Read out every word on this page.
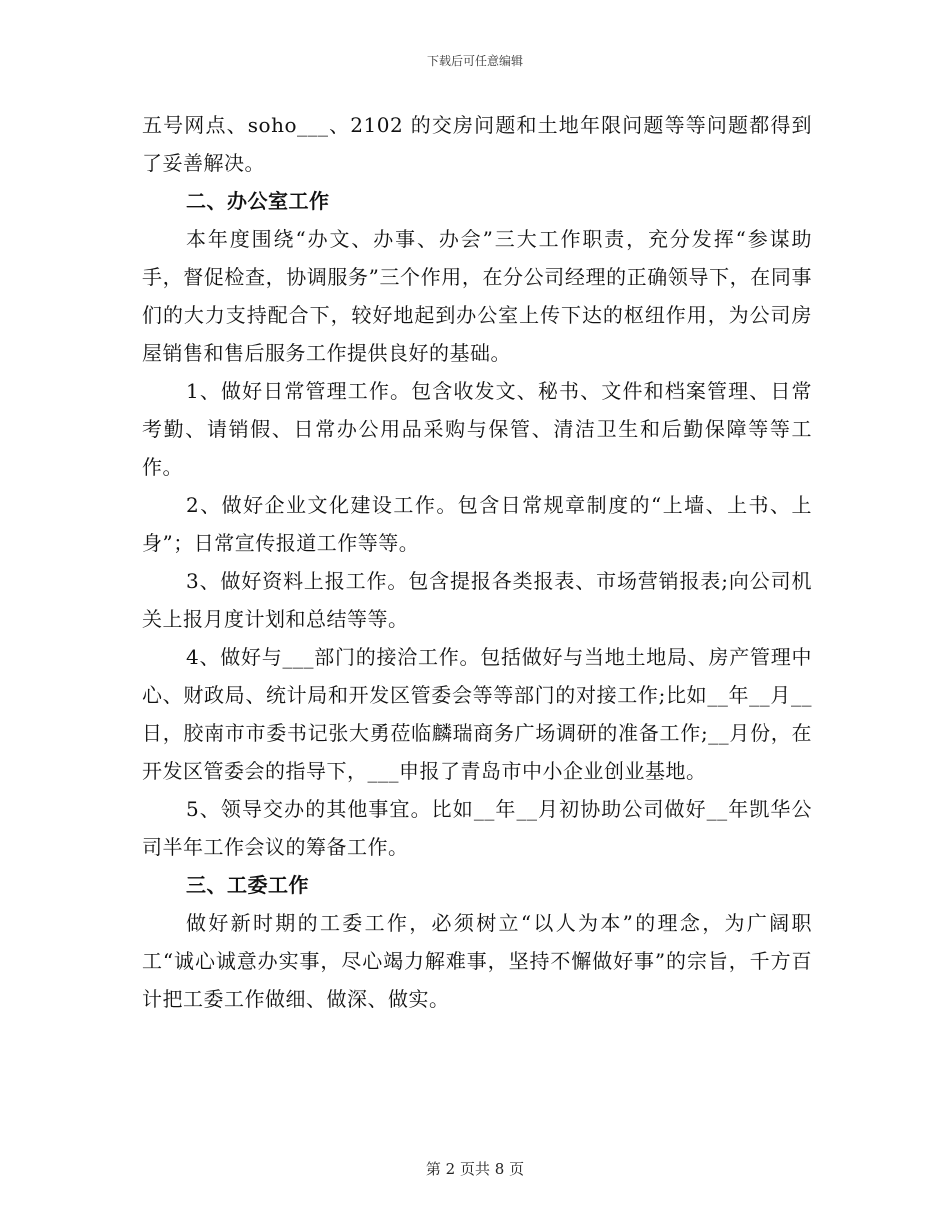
下载后可任意编辑

五号网点、soho___、2102 的交房问题和土地年限问题等等问题都得到了妥善解决。

二、办公室工作

本年度围绕“办文、办事、办会”三大工作职责，充分发挥“参谋助手，督促检查，协调服务”三个作用，在分公司经理的正确领导下，在同事们的大力支持配合下，较好地起到办公室上传下达的枢纽作用，为公司房屋销售和售后服务工作提供良好的基础。

1、做好日常管理工作。包含收发文、秘书、文件和档案管理、日常考勤、请销假、日常办公用品采购与保管、清洁卫生和后勤保障等等工作。

2、做好企业文化建设工作。包含日常规章制度的“上墙、上书、上身”；日常宣传报道工作等等。

3、做好资料上报工作。包含提报各类报表、市场营销报表;向公司机关上报月度计划和总结等等。

4、做好与___部门的接洽工作。包括做好与当地土地局、房产管理中心、财政局、统计局和开发区管委会等等部门的对接工作;比如__年__月__日，胶南市市委书记张大勇莅临麟瑞商务广场调研的准备工作;__月份，在开发区管委会的指导下，___申报了青岛市中小企业创业基地。

5、领导交办的其他事宜。比如__年__月初协助公司做好__年凯华公司半年工作会议的筹备工作。

三、工委工作

做好新时期的工委工作，必须树立“以人为本”的理念，为广阔职工“诚心诚意办实事，尽心竭力解难事，坚持不懈做好事”的宗旨，千方百计把工委工作做细、做深、做实。

第 2 页共 8 页
